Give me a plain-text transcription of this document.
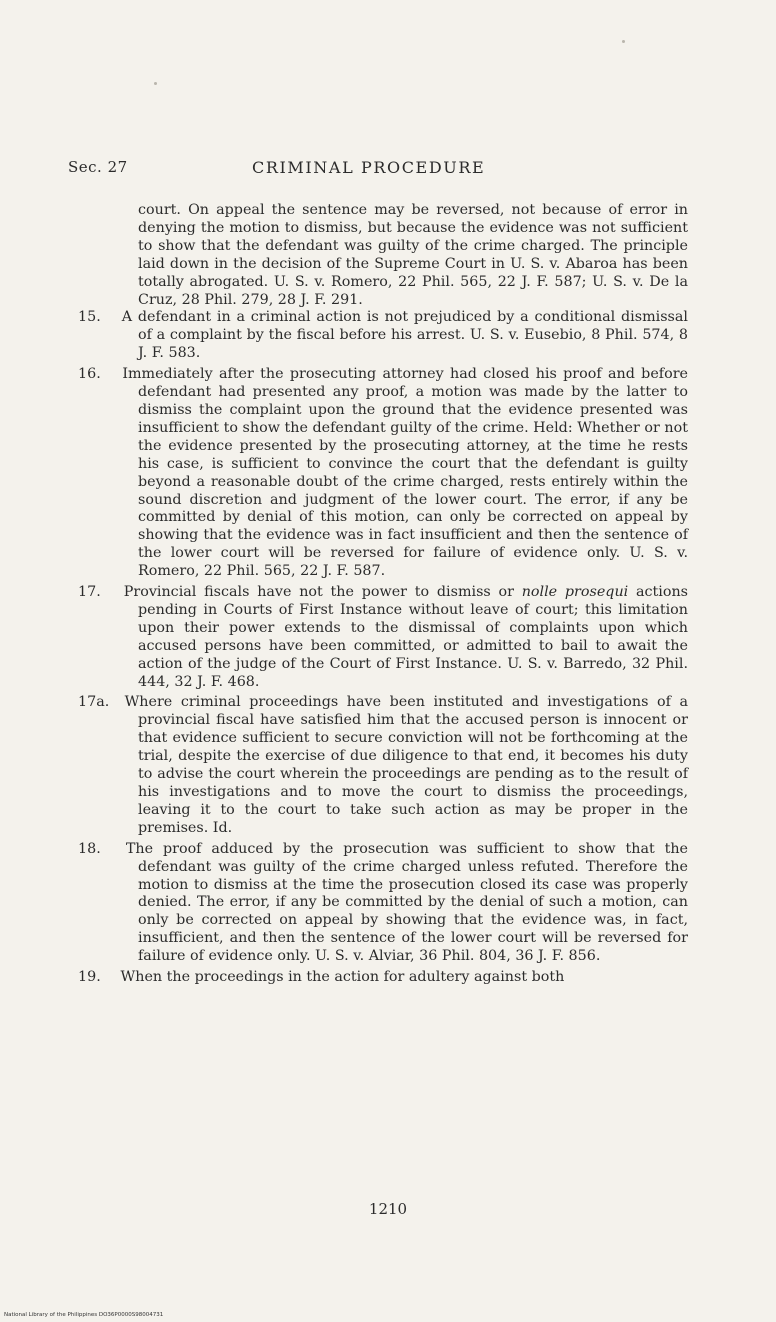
Sec. 27	CRIMINAL PROCEDURE

court. On appeal the sentence may be reversed, not because of error in denying the motion to dismiss, but because the evidence was not sufficient to show that the defendant was guilty of the crime charged. The principle laid down in the decision of the Supreme Court in U. S. v. Abaroa has been totally abrogated. U. S. v. Romero, 22 Phil. 565, 22 J. F. 587; U. S. v. De la Cruz, 28 Phil. 279, 28 J. F. 291.

15. A defendant in a criminal action is not prejudiced by a conditional dismissal of a complaint by the fiscal before his arrest. U. S. v. Eusebio, 8 Phil. 574, 8 J. F. 583.

16. Immediately after the prosecuting attorney had closed his proof and before defendant had presented any proof, a motion was made by the latter to dismiss the complaint upon the ground that the evidence presented was insufficient to show the defendant guilty of the crime. Held: Whether or not the evidence presented by the prosecuting attorney, at the time he rests his case, is sufficient to convince the court that the defendant is guilty beyond a reasonable doubt of the crime charged, rests entirely within the sound discretion and judgment of the lower court. The error, if any be committed by denial of this motion, can only be corrected on appeal by showing that the evidence was in fact insufficient and then the sentence of the lower court will be reversed for failure of evidence only. U. S. v. Romero, 22 Phil. 565, 22 J. F. 587.

17. Provincial fiscals have not the power to dismiss or nolle prosequi actions pending in Courts of First Instance without leave of court; this limitation upon their power extends to the dismissal of complaints upon which accused persons have been committed, or admitted to bail to await the action of the judge of the Court of First Instance. U. S. v. Barredo, 32 Phil. 444, 32 J. F. 468.

17a. Where criminal proceedings have been instituted and investigations of a provincial fiscal have satisfied him that the accused person is innocent or that evidence sufficient to secure conviction will not be forthcoming at the trial, despite the exercise of due diligence to that end, it becomes his duty to advise the court wherein the proceedings are pending as to the result of his investigations and to move the court to dismiss the proceedings, leaving it to the court to take such action as may be proper in the premises. Id.

18. The proof adduced by the prosecution was sufficient to show that the defendant was guilty of the crime charged unless refuted. Therefore the motion to dismiss at the time the prosecution closed its case was properly denied. The error, if any be committed by the denial of such a motion, can only be corrected on appeal by showing that the evidence was, in fact, insufficient, and then the sentence of the lower court will be reversed for failure of evidence only. U. S. v. Alviar, 36 Phil. 804, 36 J. F. 856.

19. When the proceedings in the action for adultery against both

1210
National Library of the Philippines DO36P0000S98004731
